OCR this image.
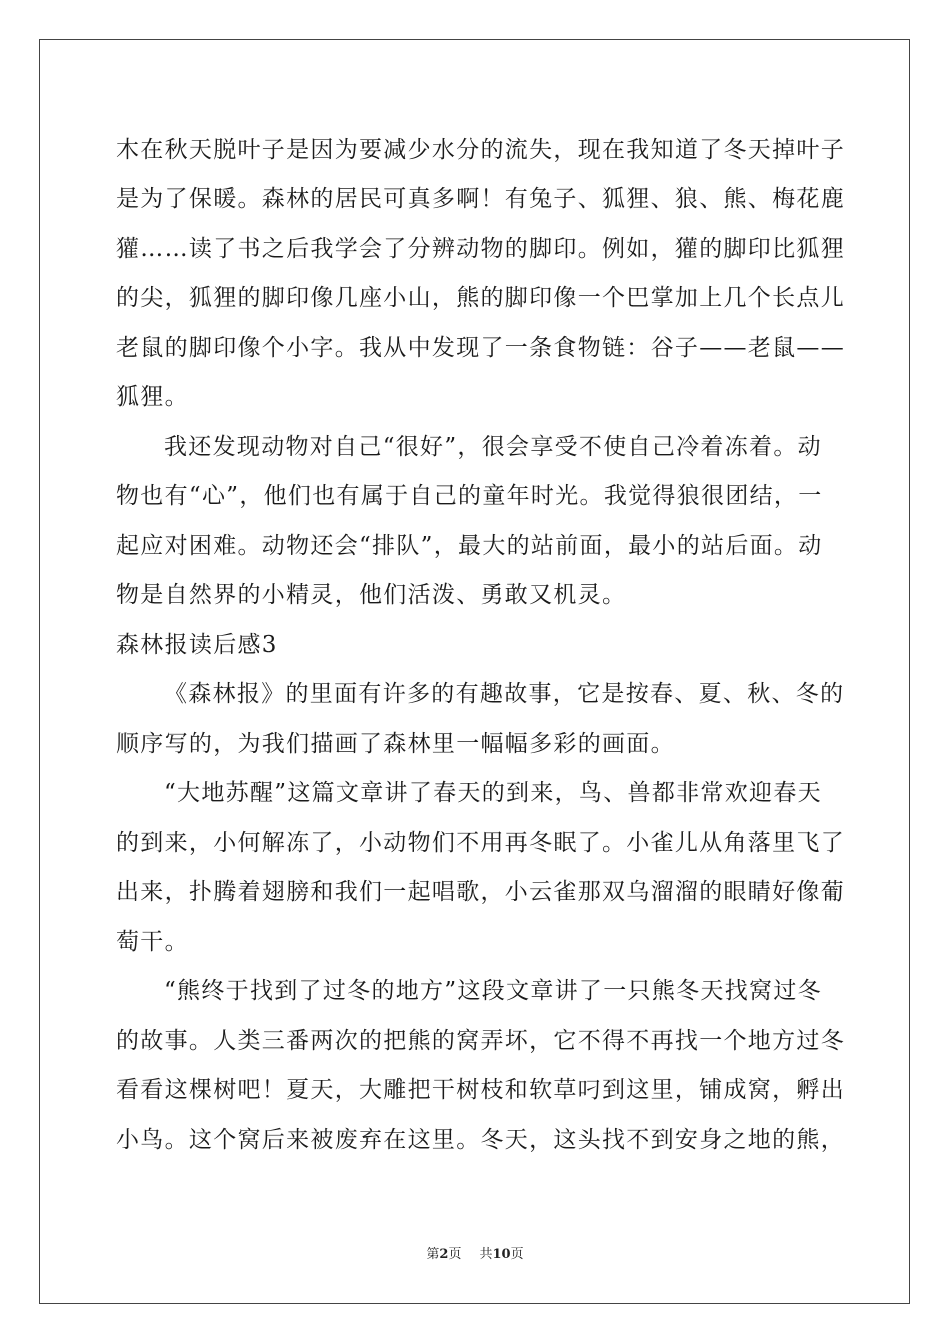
木在秋天脱叶子是因为要减少水分的流失，现在我知道了冬天掉叶子
是为了保暖。森林的居民可真多啊！有兔子、狐狸、狼、熊、梅花鹿
獾……读了书之后我学会了分辨动物的脚印。例如，獾的脚印比狐狸
的尖，狐狸的脚印像几座小山，熊的脚印像一个巴掌加上几个长点儿
老鼠的脚印像个小字。我从中发现了一条食物链：谷子——老鼠——
狐狸。
我还发现动物对自己“很好”，很会享受不使自己冷着冻着。动
物也有“心”，他们也有属于自己的童年时光。我觉得狼很团结，一
起应对困难。动物还会“排队”，最大的站前面，最小的站后面。动
物是自然界的小精灵，他们活泼、勇敢又机灵。
森林报读后感3
《森林报》的里面有许多的有趣故事，它是按春、夏、秋、冬的
顺序写的，为我们描画了森林里一幅幅多彩的画面。
“大地苏醒”这篇文章讲了春天的到来，鸟、兽都非常欢迎春天
的到来，小何解冻了，小动物们不用再冬眠了。小雀儿从角落里飞了
出来，扑腾着翅膀和我们一起唱歌，小云雀那双乌溜溜的眼睛好像葡
萄干。
“熊终于找到了过冬的地方”这段文章讲了一只熊冬天找窝过冬
的故事。人类三番两次的把熊的窝弄坏，它不得不再找一个地方过冬
看看这棵树吧！夏天，大雕把干树枝和软草叼到这里，铺成窝，孵出
小鸟。这个窝后来被废弃在这里。冬天，这头找不到安身之地的熊，
第2页 共10页
